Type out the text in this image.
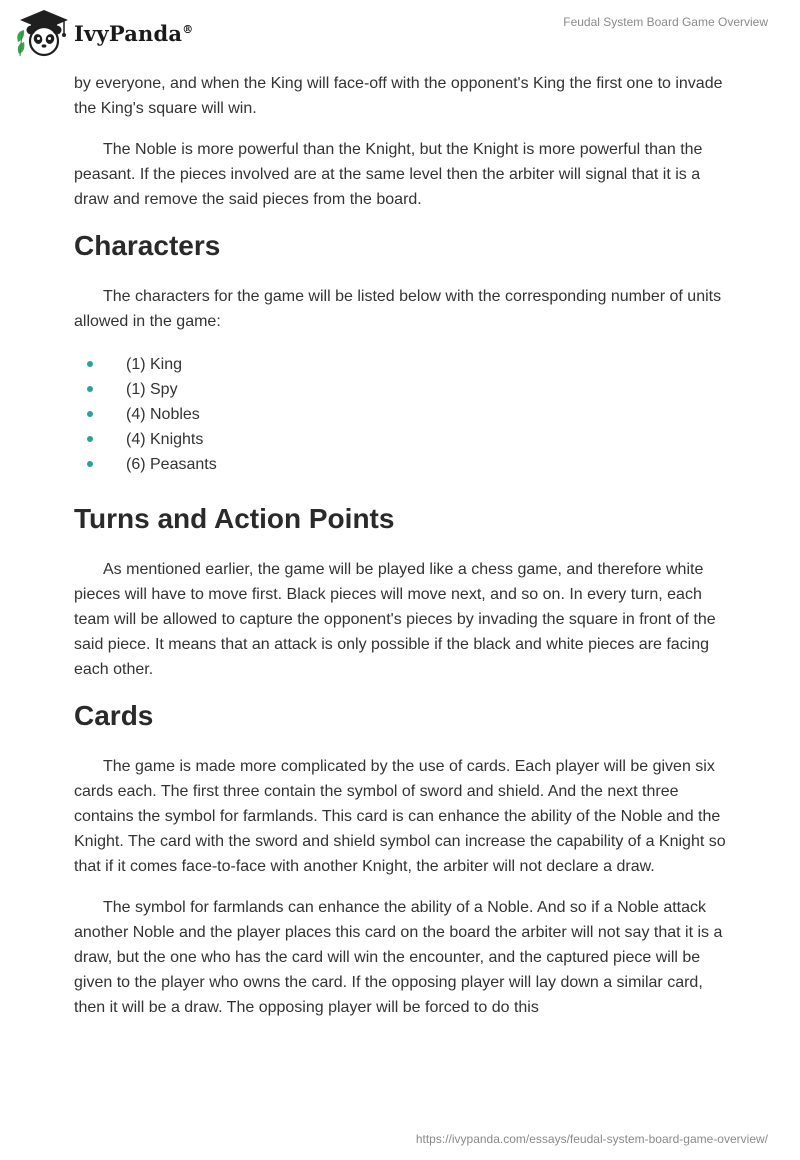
IvyPanda®	Feudal System Board Game Overview

by everyone, and when the King will face-off with the opponent's King the first one to invade the King's square will win.

The Noble is more powerful than the Knight, but the Knight is more powerful than the peasant. If the pieces involved are at the same level then the arbiter will signal that it is a draw and remove the said pieces from the board.

Characters

The characters for the game will be listed below with the corresponding number of units allowed in the game:

(1) King
(1) Spy
(4) Nobles
(4) Knights
(6) Peasants
Turns and Action Points

As mentioned earlier, the game will be played like a chess game, and therefore white pieces will have to move first. Black pieces will move next, and so on. In every turn, each team will be allowed to capture the opponent's pieces by invading the square in front of the said piece. It means that an attack is only possible if the black and white pieces are facing each other.

Cards

The game is made more complicated by the use of cards. Each player will be given six cards each. The first three contain the symbol of sword and shield. And the next three contains the symbol for farmlands. This card is can enhance the ability of the Noble and the Knight. The card with the sword and shield symbol can increase the capability of a Knight so that if it comes face-to-face with another Knight, the arbiter will not declare a draw.

The symbol for farmlands can enhance the ability of a Noble. And so if a Noble attack another Noble and the player places this card on the board the arbiter will not say that it is a draw, but the one who has the card will win the encounter, and the captured piece will be given to the player who owns the card. If the opposing player will lay down a similar card, then it will be a draw. The opposing player will be forced to do this

https://ivypanda.com/essays/feudal-system-board-game-overview/
